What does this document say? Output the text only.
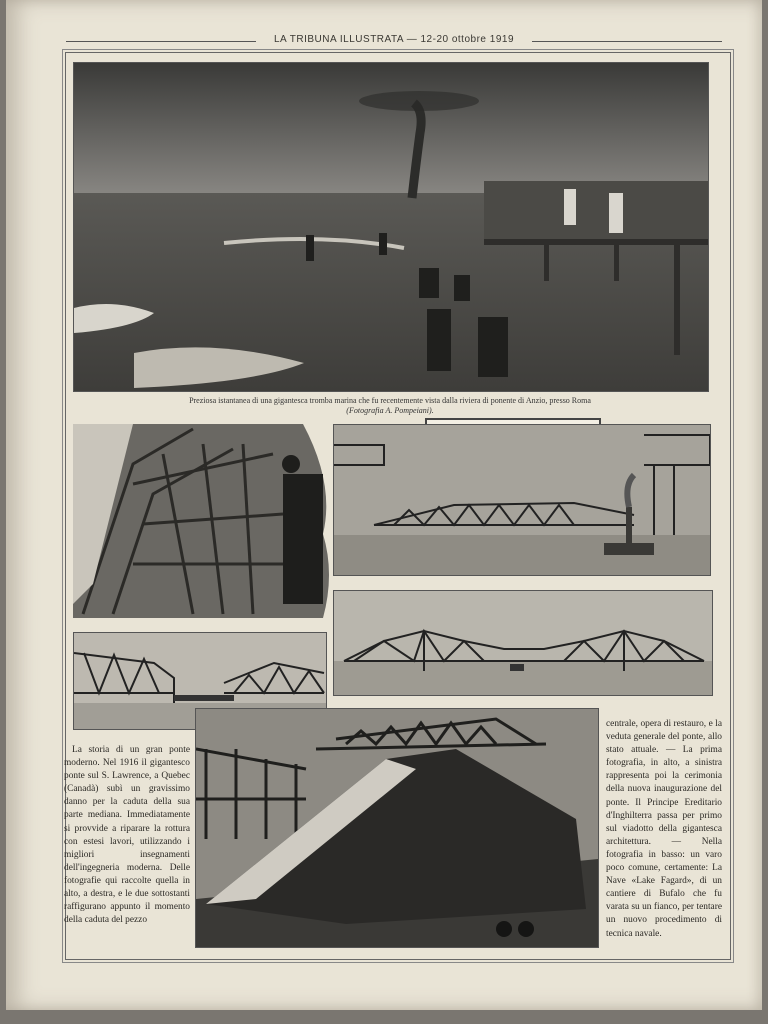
LA TRIBUNA ILLUSTRATA — 12-20 ottobre 1919
Preziosa istantanea di una gigantesca tromba marina che fu recentemente vista dalla riviera di ponente di Anzio, presso Roma
(Fotografia A. Pompeiani).
La storia di un gran ponte moderno. Nel 1916 il gigantesco ponte sul S. Lawrence, a Quebec (Canadà) subì un gravissimo danno per la caduta della sua parte mediana. Immediatamente si provvide a riparare la rottura con estesi lavori, utilizzando i migliori insegnamenti dell'ingegneria moderna. Delle fotografie qui raccolte quella in alto, a destra, e le due sottostanti raffigurano appunto il momento della caduta del pezzo
centrale, opera di restauro, e la veduta generale del ponte, allo stato attuale. — La prima fotografia, in alto, a sinistra rappresenta poi la cerimonia della nuova inaugurazione del ponte. Il Principe Ereditario d'Inghilterra passa per primo sul viadotto della gigantesca architettura. — Nella fotografia in basso: un varo poco comune, certamente: La Nave «Lake Fagard», di un cantiere di Bufalo che fu varata su un fianco, per tentare un nuovo procedimento di tecnica navale.
